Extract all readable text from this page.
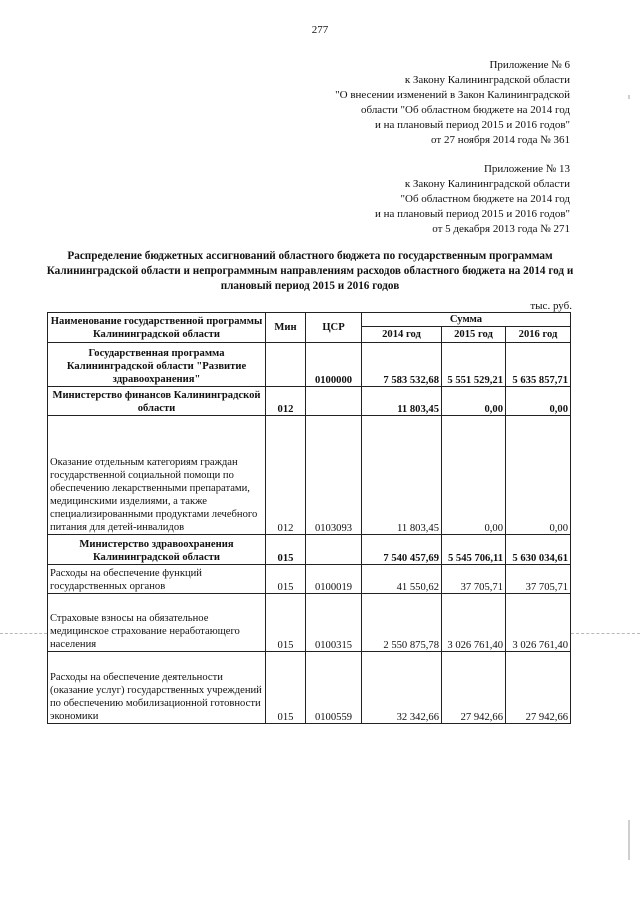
277
Приложение № 6
к Закону Калининградской области
"О внесении изменений в Закон Калининградской
области "Об областном бюджете на 2014 год
и на плановый период 2015 и 2016 годов"
от 27 ноября 2014 года № 361
Приложение № 13
к Закону Калининградской области
"Об областном бюджете на 2014 год
и на плановый период 2015 и 2016 годов"
от 5 декабря 2013 года № 271
Распределение бюджетных ассигнований областного бюджета по государственным программам Калининградской области и непрограммным направлениям расходов областного бюджета на 2014 год и плановый период 2015 и 2016 годов
тыс. руб.
Наименование государственной программы Калининградской области	Мин	ЦСР	Сумма		
			2014 год	2015 год	2016 год
Государственная программа Калининградской области "Развитие здравоохранения"		0100000	7 583 532,68	5 551 529,21	5 635 857,71
Министерство финансов Калининградской области	012		11 803,45	0,00	0,00
Оказание отдельным категориям граждан государственной социальной помощи по обеспечению лекарственными препаратами, медицинскими изделиями, а также специализированными продуктами лечебного питания для детей-инвалидов	012	0103093	11 803,45	0,00	0,00
Министерство здравоохранения Калининградской области	015		7 540 457,69	5 545 706,11	5 630 034,61
Расходы на обеспечение функций государственных органов	015	0100019	41 550,62	37 705,71	37 705,71
Страховые взносы на обязательное медицинское страхование неработающего населения	015	0100315	2 550 875,78	3 026 761,40	3 026 761,40
Расходы на обеспечение деятельности (оказание услуг) государственных учреждений по обеспечению мобилизационной готовности экономики	015	0100559	32 342,66	27 942,66	27 942,66
